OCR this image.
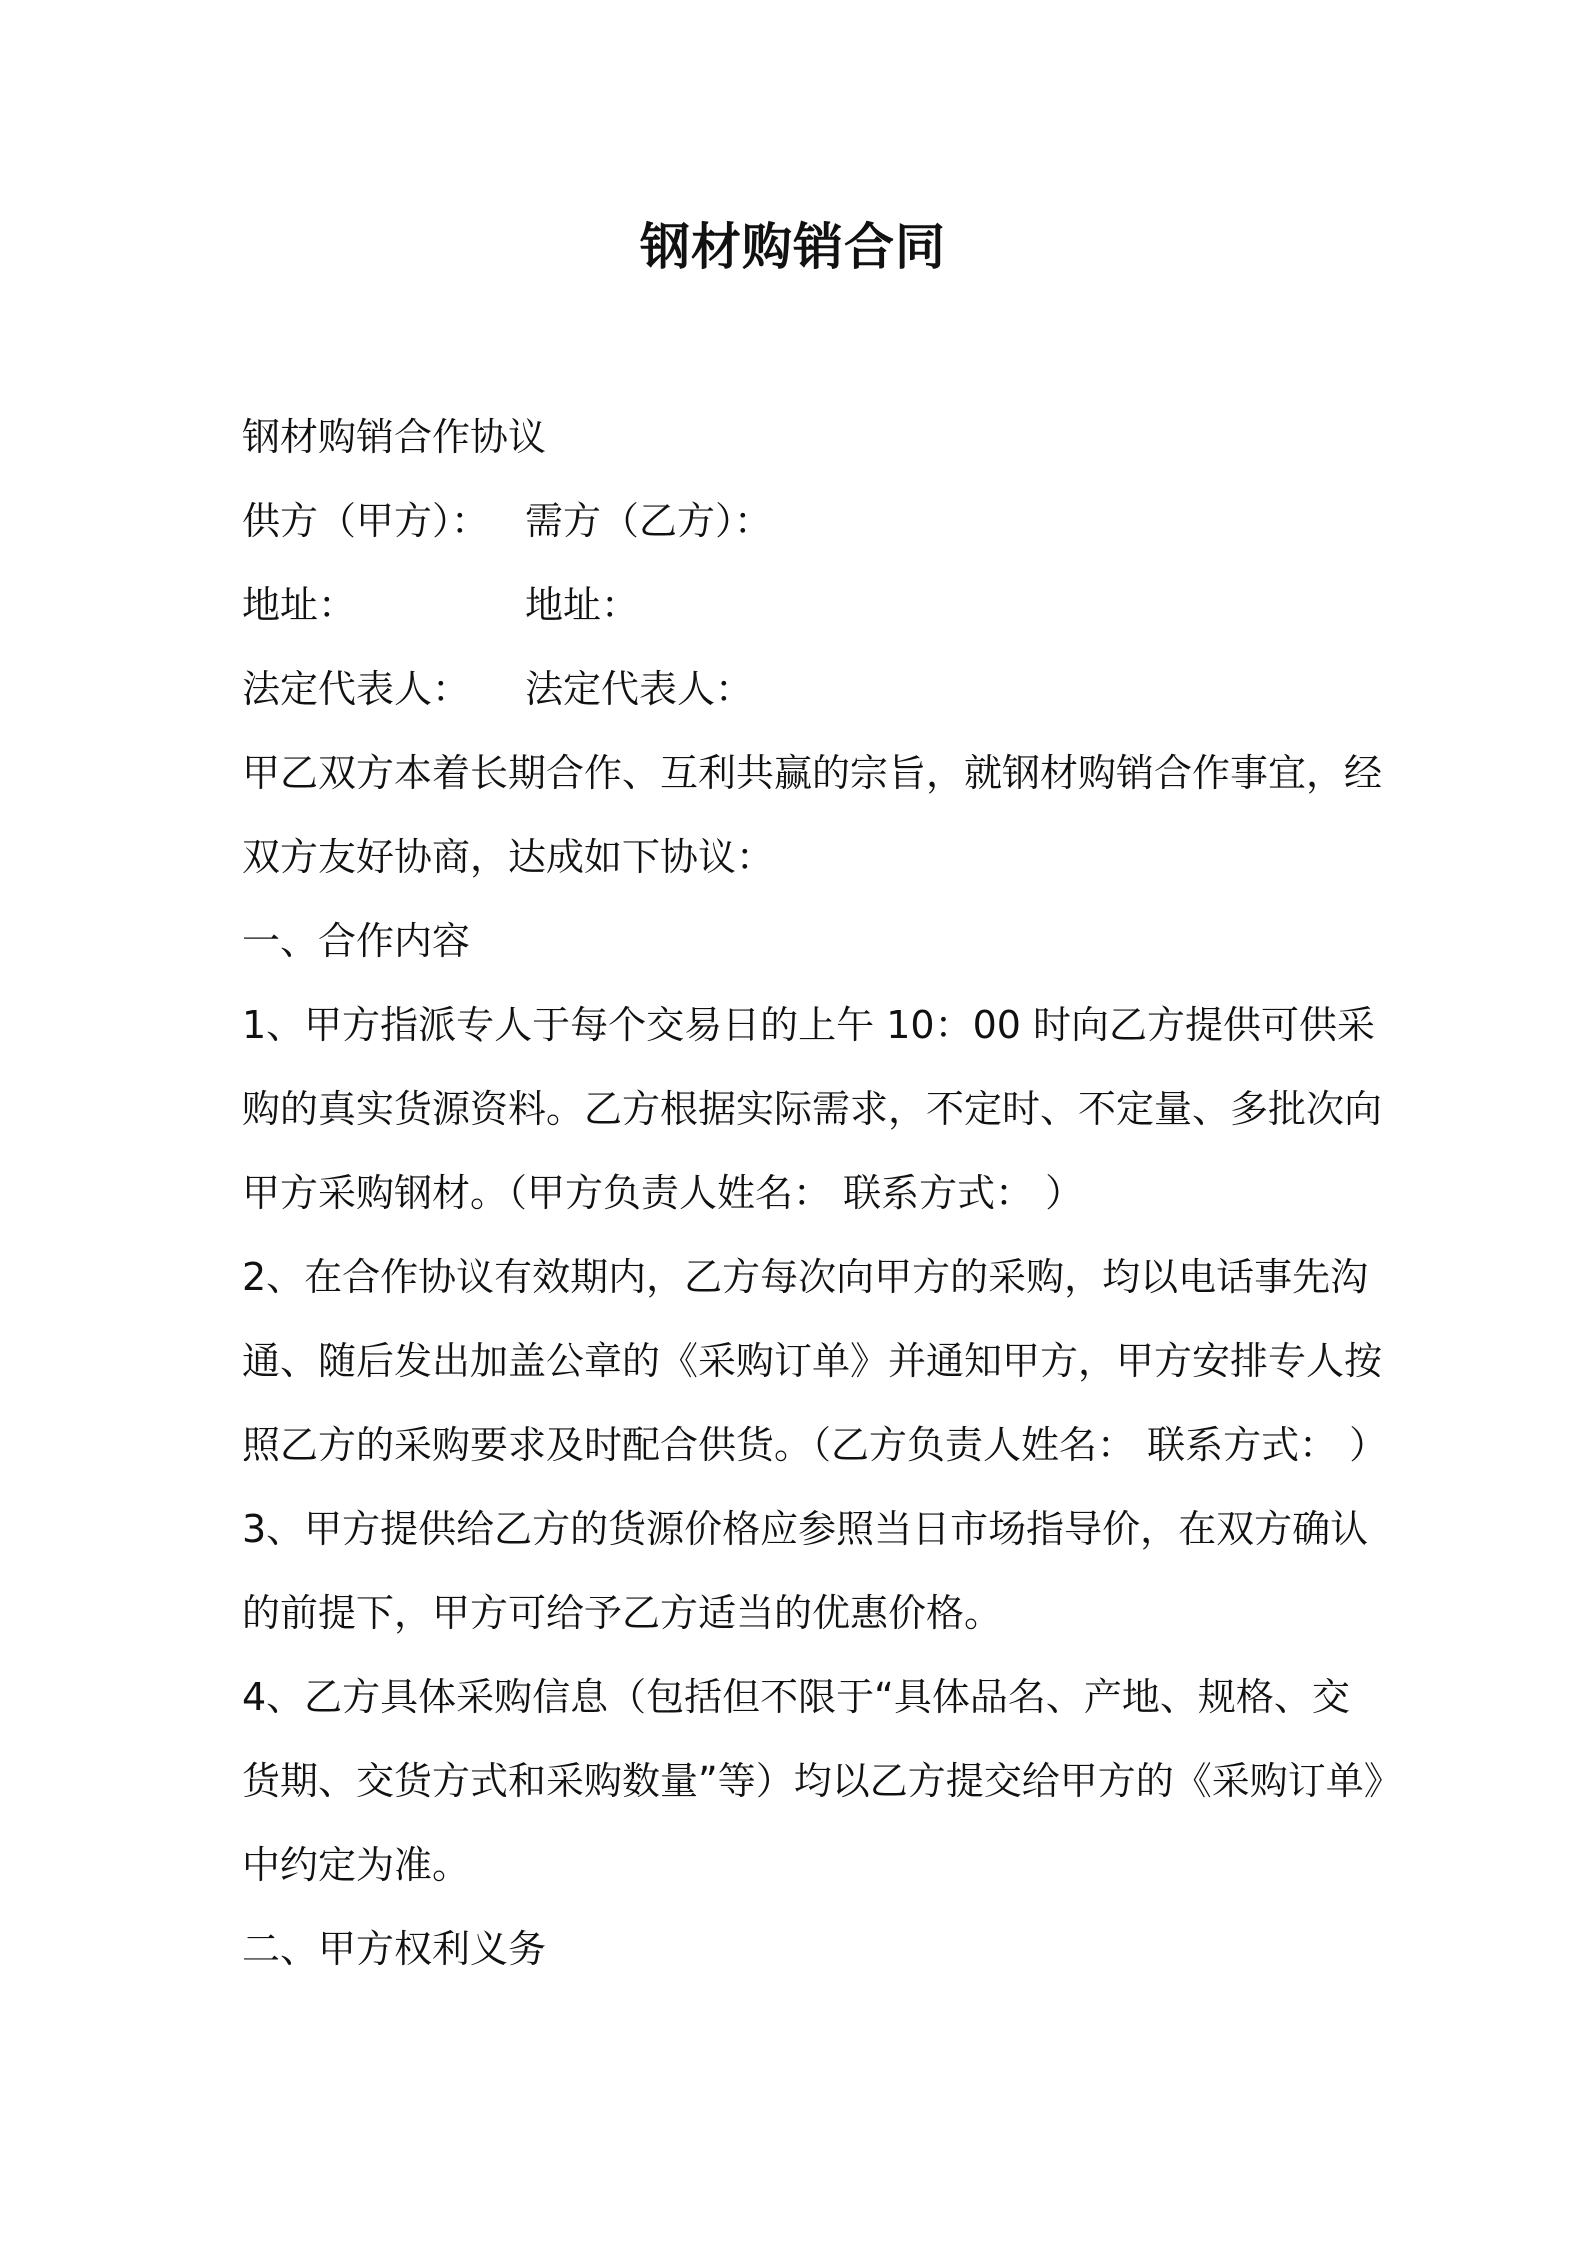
钢材购销合同
钢材购销合作协议
供方（甲方）： 需方（乙方）：
地址：	地址：
法定代表人：	法定代表人：
甲乙双方本着长期合作、互利共赢的宗旨，就钢材购销合作事宜，经
双方友好协商，达成如下协议：
一、合作内容
1、甲方指派专人于每个交易日的上午 10：00 时向乙方提供可供采
购的真实货源资料。乙方根据实际需求，不定时、不定量、多批次向
甲方采购钢材。（甲方负责人姓名： 联系方式： ）
2、在合作协议有效期内，乙方每次向甲方的采购，均以电话事先沟
通、随后发出加盖公章的《采购订单》并通知甲方，甲方安排专人按
照乙方的采购要求及时配合供货。（乙方负责人姓名： 联系方式： ）
3、甲方提供给乙方的货源价格应参照当日市场指导价，在双方确认
的前提下，甲方可给予乙方适当的优惠价格。
4、乙方具体采购信息（包括但不限于“具体品名、产地、规格、交
货期、交货方式和采购数量”等）均以乙方提交给甲方的《采购订单》
中约定为准。
二、甲方权利义务
